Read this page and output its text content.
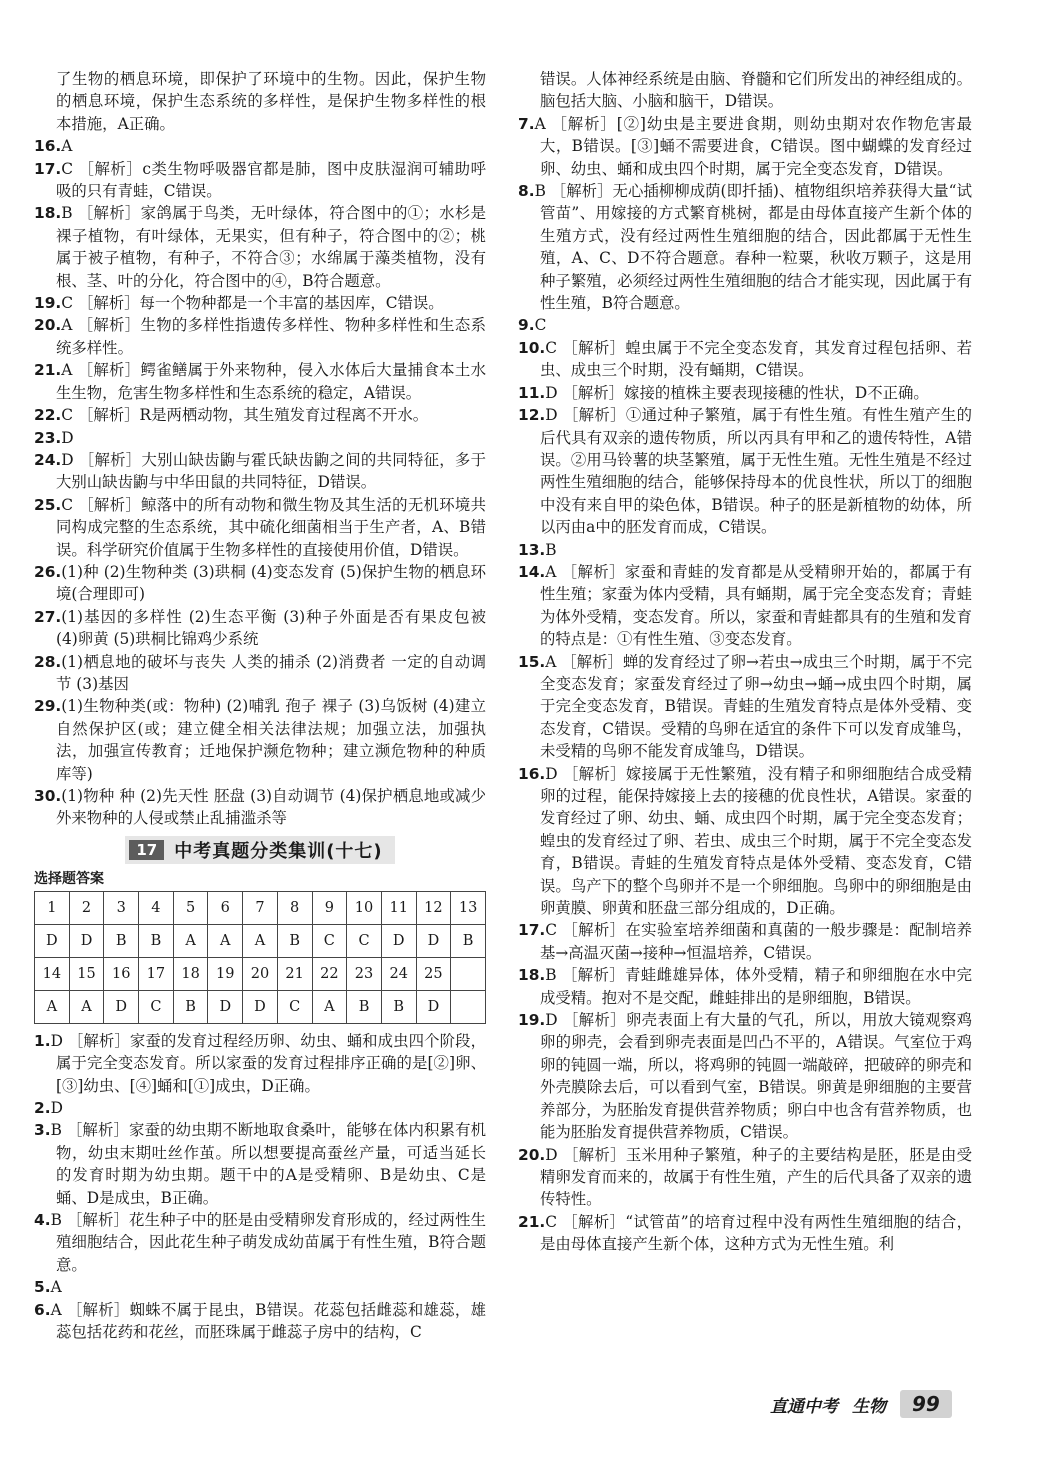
了生物的栖息环境，即保护了环境中的生物。因此，保护生物的栖息环境，保护生态系统的多样性，是保护生物多样性的根本措施，A正确。

16.A

17.C ［解析］c类生物呼吸器官都是肺，图中皮肤湿润可辅助呼吸的只有青蛙，C错误。

18.B ［解析］家鸽属于鸟类，无叶绿体，符合图中的①；水杉是裸子植物，有叶绿体，无果实，但有种子，符合图中的②；桃属于被子植物，有种子，不符合③；水绵属于藻类植物，没有根、茎、叶的分化，符合图中的④，B符合题意。

19.C ［解析］每一个物种都是一个丰富的基因库，C错误。

20.A ［解析］生物的多样性指遗传多样性、物种多样性和生态系统多样性。

21.A ［解析］鳄雀鳝属于外来物种，侵入水体后大量捕食本土水生生物，危害生物多样性和生态系统的稳定，A错误。

22.C ［解析］R是两栖动物，其生殖发育过程离不开水。

23.D

24.D ［解析］大别山缺齿鼩与霍氏缺齿鼩之间的共同特征，多于大别山缺齿鼩与中华田鼠的共同特征，D错误。

25.C ［解析］鲸落中的所有动物和微生物及其生活的无机环境共同构成完整的生态系统，其中硫化细菌相当于生产者，A、B错误。科学研究价值属于生物多样性的直接使用价值，D错误。

26.(1)种 (2)生物种类 (3)珙桐 (4)变态发育 (5)保护生物的栖息环境(合理即可)

27.(1)基因的多样性 (2)生态平衡 (3)种子外面是否有果皮包被 (4)卵黄 (5)珙桐比锦鸡少系统

28.(1)栖息地的破坏与丧失 人类的捕杀 (2)消费者 一定的自动调节 (3)基因

29.(1)生物种类(或：物种) (2)哺乳 孢子 裸子 (3)乌饭树 (4)建立自然保护区(或；建立健全相关法律法规；加强立法，加强执法，加强宣传教育；迁地保护濒危物种；建立濒危物种的种质库等)

30.(1)物种 种 (2)先天性 胚盘 (3)自动调节 (4)保护栖息地或减少外来物种的人侵或禁止乱捕滥杀等

17 中考真题分类集训(十七)

选择题答案

1	2	3	4	5	6	7	8	9	10	11	12	13
D	D	B	B	A	A	A	B	C	C	D	D	B
14	15	16	17	18	19	20	21	22	23	24	25	
A	A	D	C	B	D	D	C	A	B	B	D	

1.D ［解析］家蚕的发育过程经历卵、幼虫、蛹和成虫四个阶段，属于完全变态发育。所以家蚕的发育过程排序正确的是[②]卵、[③]幼虫、[④]蛹和[①]成虫，D正确。

2.D

3.B ［解析］家蚕的幼虫期不断地取食桑叶，能够在体内积累有机物，幼虫末期吐丝作茧。所以想要提高蚕丝产量，可适当延长的发育时期为幼虫期。题干中的A是受精卵、B是幼虫、C是蛹、D是成虫，B正确。

4.B ［解析］花生种子中的胚是由受精卵发育形成的，经过两性生殖细胞结合，因此花生种子萌发成幼苗属于有性生殖，B符合题意。

5.A

6.A ［解析］蜘蛛不属于昆虫，B错误。花蕊包括雌蕊和雄蕊，雄蕊包括花药和花丝，而胚珠属于雌蕊子房中的结构，C

错误。人体神经系统是由脑、脊髓和它们所发出的神经组成的。脑包括大脑、小脑和脑干，D错误。

7.A ［解析］[②]幼虫是主要进食期，则幼虫期对农作物危害最大，B错误。[③]蛹不需要进食，C错误。图中蝴蝶的发育经过卵、幼虫、蛹和成虫四个时期，属于完全变态发育，D错误。

8.B ［解析］无心插柳柳成荫(即扦插)、植物组织培养获得大量“试管苗”、用嫁接的方式繁育桃树，都是由母体直接产生新个体的生殖方式，没有经过两性生殖细胞的结合，因此都属于无性生殖，A、C、D不符合题意。春种一粒粟，秋收万颗子，这是用种子繁殖，必须经过两性生殖细胞的结合才能实现，因此属于有性生殖，B符合题意。

9.C

10.C ［解析］蝗虫属于不完全变态发育，其发育过程包括卵、若虫、成虫三个时期，没有蛹期，C错误。

11.D ［解析］嫁接的植株主要表现接穗的性状，D不正确。

12.D ［解析］①通过种子繁殖，属于有性生殖。有性生殖产生的后代具有双亲的遗传物质，所以丙具有甲和乙的遗传特性，A错误。②用马铃薯的块茎繁殖，属于无性生殖。无性生殖是不经过两性生殖细胞的结合，能够保持母本的优良性状，所以丁的细胞中没有来自甲的染色体，B错误。种子的胚是新植物的幼体，所以丙由a中的胚发育而成，C错误。

13.B

14.A ［解析］家蚕和青蛙的发育都是从受精卵开始的，都属于有性生殖；家蚕为体内受精，具有蛹期，属于完全变态发育；青蛙为体外受精，变态发育。所以，家蚕和青蛙都具有的生殖和发育的特点是：①有性生殖、③变态发育。

15.A ［解析］蝉的发育经过了卵→若虫→成虫三个时期，属于不完全变态发育；家蚕发育经过了卵→幼虫→蛹→成虫四个时期，属于完全变态发育，B错误。青蛙的生殖发育特点是体外受精、变态发育，C错误。受精的鸟卵在适宜的条件下可以发育成雏鸟，未受精的鸟卵不能发育成雏鸟，D错误。

16.D ［解析］嫁接属于无性繁殖，没有精子和卵细胞结合成受精卵的过程，能保持嫁接上去的接穗的优良性状，A错误。家蚕的发育经过了卵、幼虫、蛹、成虫四个时期，属于完全变态发育；蝗虫的发育经过了卵、若虫、成虫三个时期，属于不完全变态发育，B错误。青蛙的生殖发育特点是体外受精、变态发育，C错误。鸟产下的整个鸟卵并不是一个卵细胞。鸟卵中的卵细胞是由卵黄膜、卵黄和胚盘三部分组成的，D正确。

17.C ［解析］在实验室培养细菌和真菌的一般步骤是：配制培养基→高温灭菌→接种→恒温培养，C错误。

18.B ［解析］青蛙雌雄异体，体外受精，精子和卵细胞在水中完成受精。抱对不是交配，雌蛙排出的是卵细胞，B错误。

19.D ［解析］卵壳表面上有大量的气孔，所以，用放大镜观察鸡卵的卵壳，会看到卵壳表面是凹凸不平的，A错误。气室位于鸡卵的钝圆一端，所以，将鸡卵的钝圆一端敲碎，把破碎的卵壳和外壳膜除去后，可以看到气室，B错误。卵黄是卵细胞的主要营养部分，为胚胎发育提供营养物质；卵白中也含有营养物质，也能为胚胎发育提供营养物质，C错误。

20.D ［解析］玉米用种子繁殖，种子的主要结构是胚，胚是由受精卵发育而来的，故属于有性生殖，产生的后代具备了双亲的遗传特性。

21.C ［解析］“试管苗”的培育过程中没有两性生殖细胞的结合，是由母体直接产生新个体，这种方式为无性生殖。利

直通中考 生物	99
